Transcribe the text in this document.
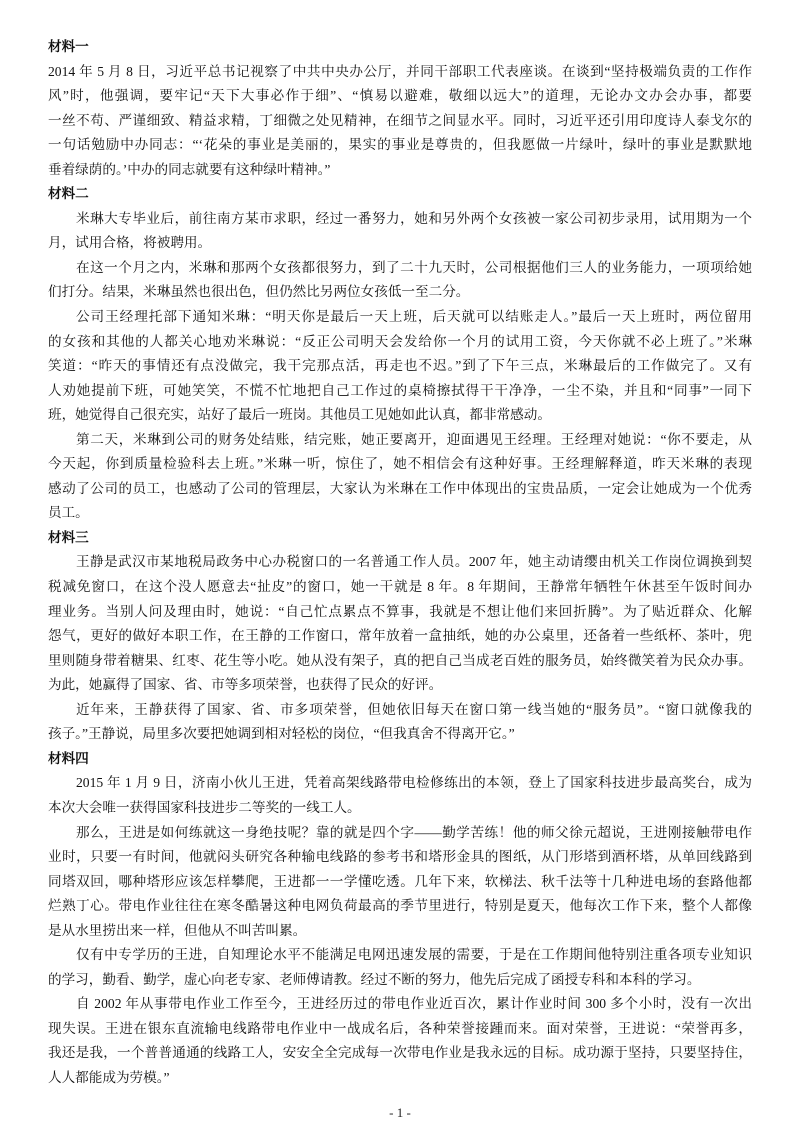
材料一
2014 年 5 月 8 日，习近平总书记视察了中共中央办公厅，并同干部职工代表座谈。在谈到“坚持极端负责的工作作
风”时，他强调，要牢记“天下大事必作于细”、“慎易以避难，敬细以远大”的道理，无论办文办会办事，都要
一丝不苟、严谨细致、精益求精，丁细微之处见精神，在细节之间显水平。同时，习近平还引用印度诗人泰戈尔的
一句话勉励中办同志：“‘花朵的事业是美丽的，果实的事业是尊贵的，但我愿做一片绿叶，绿叶的事业是默默地
垂着绿荫的。’中办的同志就要有这种绿叶精神。”
材料二
米琳大专毕业后，前往南方某市求职，经过一番努力，她和另外两个女孩被一家公司初步录用，试用期为一个
月，试用合格，将被聘用。
在这一个月之内，米琳和那两个女孩都很努力，到了二十九天时，公司根据他们三人的业务能力，一项项给她
们打分。结果，米琳虽然也很出色，但仍然比另两位女孩低一至二分。
公司王经理托部下通知米琳：“明天你是最后一天上班，后天就可以结账走人。”最后一天上班时，两位留用
的女孩和其他的人都关心地劝米琳说：“反正公司明天会发给你一个月的试用工资，今天你就不必上班了。”米琳
笑道：“昨天的事情还有点没做完，我干完那点活，再走也不迟。”到了下午三点，米琳最后的工作做完了。又有
人劝她提前下班，可她笑笑，不慌不忙地把自己工作过的桌椅擦拭得干干净净，一尘不染，并且和“同事”一同下
班，她觉得自己很充实，站好了最后一班岗。其他员工见她如此认真，都非常感动。
第二天，米琳到公司的财务处结账，结完账，她正要离开，迎面遇见王经理。王经理对她说：“你不要走，从
今天起，你到质量检验科去上班。”米琳一听，惊住了，她不相信会有这种好事。王经理解释道，昨天米琳的表现
感动了公司的员工，也感动了公司的管理层，大家认为米琳在工作中体现出的宝贵品质，一定会让她成为一个优秀
员工。
材料三
王静是武汉市某地税局政务中心办税窗口的一名普通工作人员。2007 年，她主动请缨由机关工作岗位调换到契
税减免窗口，在这个没人愿意去“扯皮”的窗口，她一干就是 8 年。8 年期间，王静常年牺牲午休甚至午饭时间办
理业务。当别人问及理由时，她说：“自己忙点累点不算事，我就是不想让他们来回折腾”。为了贴近群众、化解
怨气，更好的做好本职工作，在王静的工作窗口，常年放着一盒抽纸，她的办公桌里，还备着一些纸杯、茶叶，兜
里则随身带着糖果、红枣、花生等小吃。她从没有架子，真的把自己当成老百姓的服务员，始终微笑着为民众办事。
为此，她赢得了国家、省、市等多项荣誉，也获得了民众的好评。
近年来，王静获得了国家、省、市多项荣誉，但她依旧每天在窗口第一线当她的“服务员”。“窗口就像我的
孩子。”王静说，局里多次要把她调到相对轻松的岗位，“但我真舍不得离开它。”
材料四
2015 年 1 月 9 日，济南小伙儿王进，凭着高架线路带电检修练出的本领，登上了国家科技进步最高奖台，成为
本次大会唯一获得国家科技进步二等奖的一线工人。
那么，王进是如何练就这一身绝技呢？靠的就是四个字——勤学苦练！他的师父徐元超说，王进刚接触带电作
业时，只要一有时间，他就闷头研究各种输电线路的参考书和塔形金具的图纸，从门形塔到酒杯塔，从单回线路到
同塔双回，哪种塔形应该怎样攀爬，王进都一一学懂吃透。几年下来，软梯法、秋千法等十几种进电场的套路他都
烂熟丁心。带电作业往往在寒冬酷暑这种电网负荷最高的季节里进行，特别是夏天，他每次工作下来，整个人都像
是从水里捞出来一样，但他从不叫苦叫累。
仅有中专学历的王进，自知理论水平不能满足电网迅速发展的需要，于是在工作期间他特别注重各项专业知识
的学习，勤看、勤学，虚心向老专家、老师傅请教。经过不断的努力，他先后完成了函授专科和本科的学习。
自 2002 年从事带电作业工作至今，王进经历过的带电作业近百次，累计作业时间 300 多个小时，没有一次出
现失误。王进在银东直流输电线路带电作业中一战成名后，各种荣誉接踵而来。面对荣誉，王进说：“荣誉再多，
我还是我，一个普普通通的线路工人，安安全全完成每一次带电作业是我永远的目标。成功源于坚持，只要坚持住，
人人都能成为劳模。”
- 1 -
